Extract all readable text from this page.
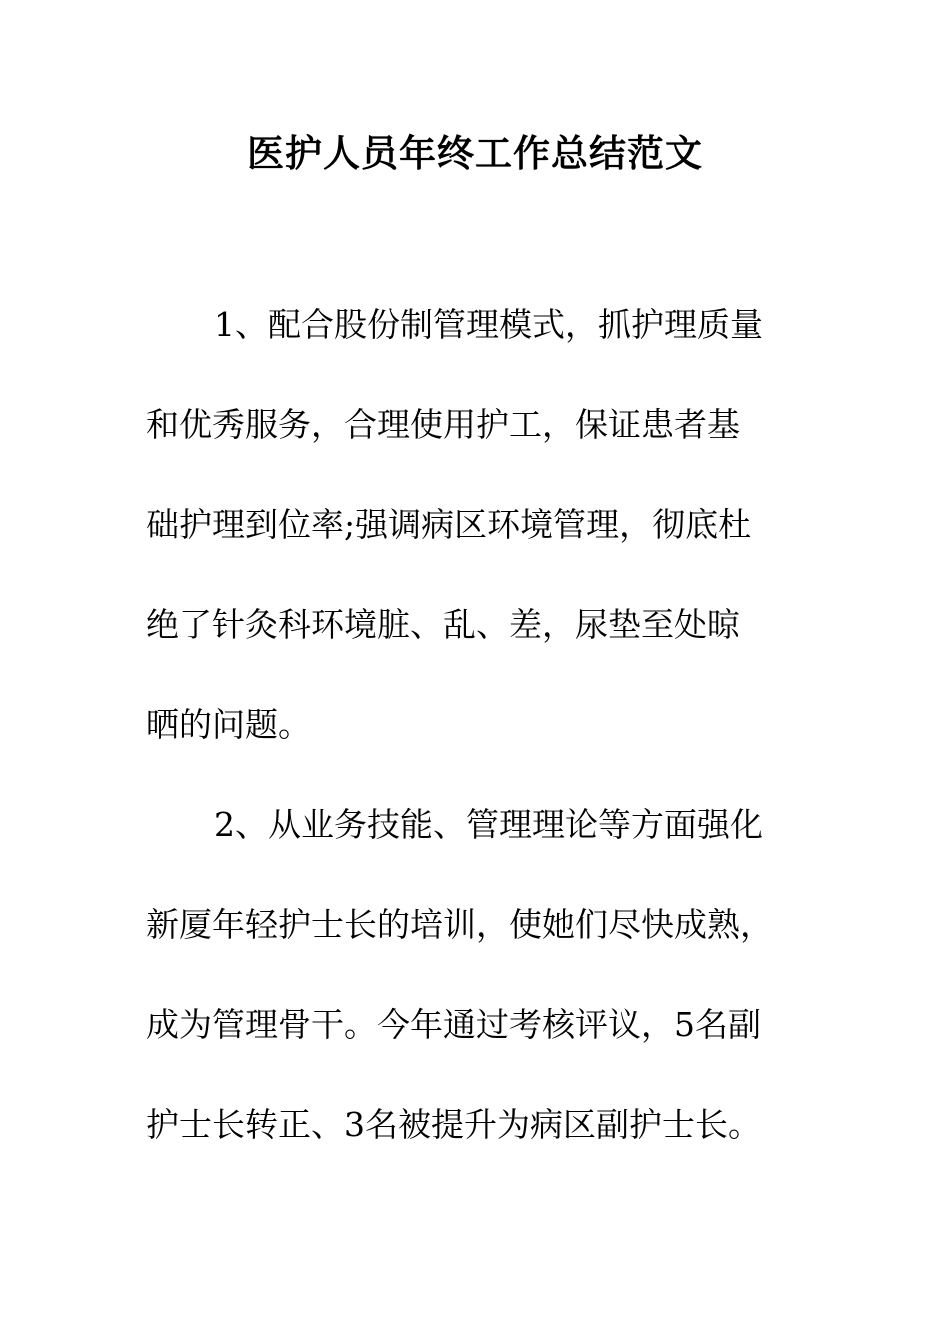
医护人员年终工作总结范文
1、配合股份制管理模式，抓护理质量
和优秀服务，合理使用护工，保证患者基
础护理到位率;强调病区环境管理，彻底杜
绝了针灸科环境脏、乱、差，尿垫至处晾
晒的问题。
2、从业务技能、管理理论等方面强化
新厦年轻护士长的培训，使她们尽快成熟，
成为管理骨干。今年通过考核评议，5名副
护士长转正、3名被提升为病区副护士长。
